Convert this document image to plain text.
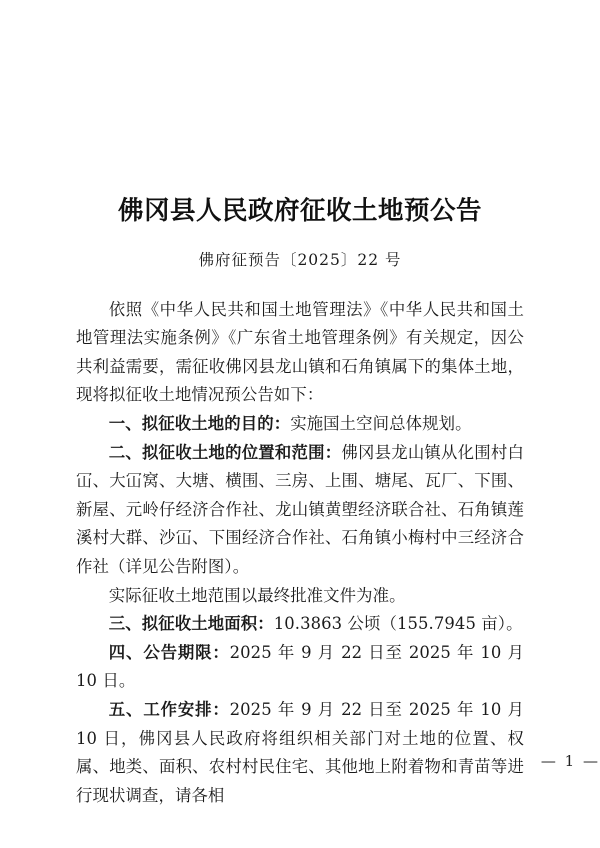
佛冈县人民政府征收土地预公告
佛府征预告〔2025〕22 号

依照《中华人民共和国土地管理法》《中华人民共和国土地管理法实施条例》《广东省土地管理条例》有关规定，因公共利益需要，需征收佛冈县龙山镇和石角镇属下的集体土地，现将拟征收土地情况预公告如下：

一、拟征收土地的目的：实施国土空间总体规划。

二、拟征收土地的位置和范围：佛冈县龙山镇从化围村白冚、大冚窝、大塘、横围、三房、上围、塘尾、瓦厂、下围、新屋、元岭仔经济合作社、龙山镇黄塱经济联合社、石角镇莲溪村大群、沙冚、下围经济合作社、石角镇小梅村中三经济合作社（详见公告附图）。

实际征收土地范围以最终批准文件为准。

三、拟征收土地面积：10.3863 公顷（155.7945 亩）。

四、公告期限：2025 年 9 月 22 日至 2025 年 10 月 10 日。

五、工作安排：2025 年 9 月 22 日至 2025 年 10 月 10 日，佛冈县人民政府将组织相关部门对土地的位置、权属、地类、面积、农村村民住宅、其他地上附着物和青苗等进行现状调查，请各相

— 1 —
